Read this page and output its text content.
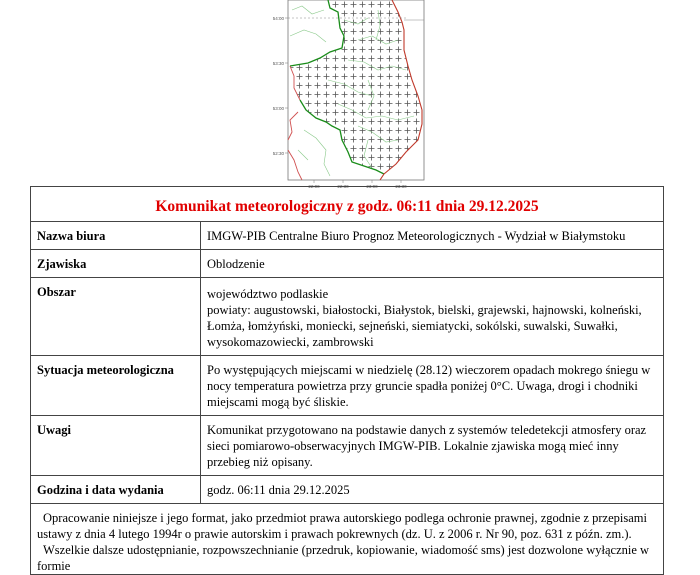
54:00
53:30
53:00
52:30
22:00	22:30	23:00	23:30
Komunikat meteorologiczny z godz. 06:11 dnia 29.12.2025	
Nazwa biura	IMGW-PIB Centralne Biuro Prognoz Meteorologicznych - Wydział w Białymstoku
Zjawiska	Oblodzenie
Obszar	województwo podlaskie
powiaty: augustowski, białostocki, Białystok, bielski, grajewski, hajnowski, kolneński, Łomża, łomżyński, moniecki, sejneński, siemiatycki, sokólski, suwalski, Suwałki, wysokomazowiecki, zambrowski

Sytuacja meteorologiczna	Po występujących miejscami w niedzielę (28.12) wieczorem opadach mokrego śniegu w nocy temperatura powietrza przy gruncie spadła poniżej 0°C. Uwaga, drogi i chodniki miejscami mogą być śliskie.
Uwagi	Komunikat przygotowano na podstawie danych z systemów teledetekcji atmosfery oraz sieci pomiarowo-obserwacyjnych IMGW-PIB. Lokalnie zjawiska mogą mieć inny przebieg niż opisany.
Godzina i data wydania	godz. 06:11 dnia 29.12.2025

Opracowanie niniejsze i jego format, jako przedmiot prawa autorskiego podlega ochronie prawnej, zgodnie z przepisami ustawy z dnia 4 lutego 1994r o prawie autorskim i prawach pokrewnych (dz. U. z 2006 r. Nr 90, poz. 631 z późn. zm.).
Wszelkie dalsze udostępnianie, rozpowszechnianie (przedruk, kopiowanie, wiadomość sms) jest dozwolone wyłącznie w formie	
